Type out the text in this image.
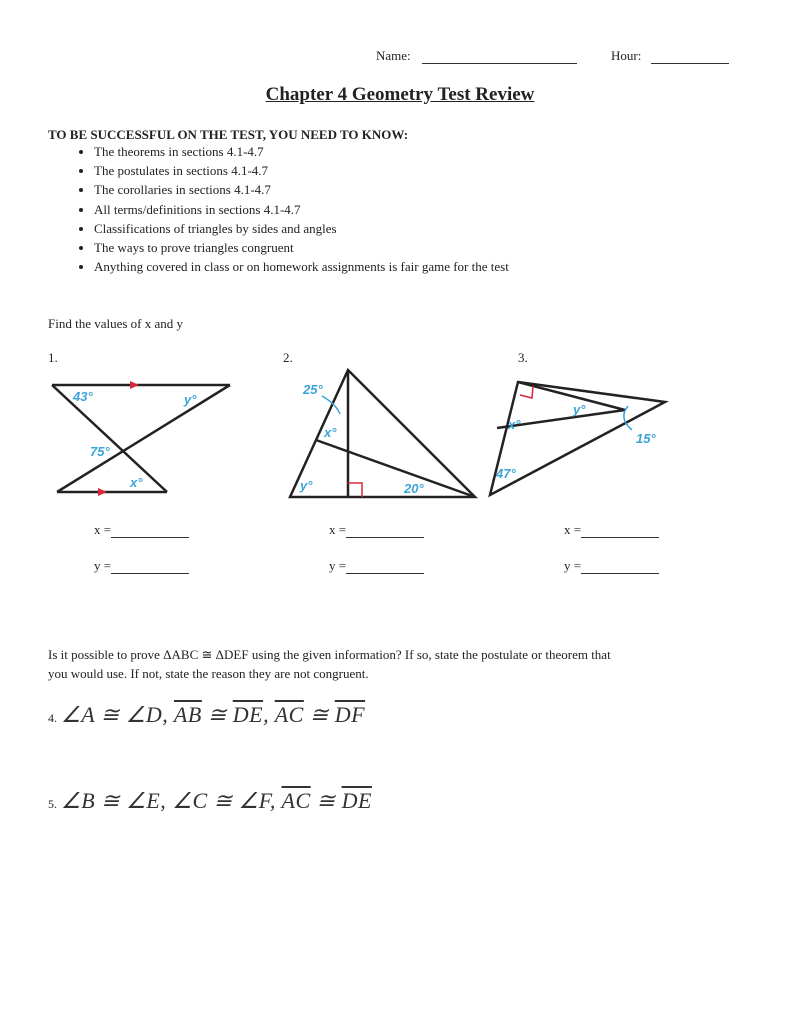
Name:	Hour:
Chapter 4 Geometry Test Review
TO BE SUCCESSFUL ON THE TEST, YOU NEED TO KNOW:
• The theorems in sections 4.1-4.7
• The postulates in sections 4.1-4.7
• The corollaries in sections 4.1-4.7
• All terms/definitions in sections 4.1-4.7
• Classifications of triangles by sides and angles
• The ways to prove triangles congruent
• Anything covered in class or on homework assignments is fair game for the test
Find the values of x and y
1.	2.	3.
43°	y°
75°
x°
25°
x°
y°	20°
y°
x°
15°
47°
x =
y =
x =
y =
x =
y =
Is it possible to prove ΔABC ≅ ΔDEF using the given information? If so, state the postulate or theorem that
you would use. If not, state the reason they are not congruent.
4. ∠A ≅ ∠D, $\overline{AB}$ ≅ $\overline{DE}$, $\overline{AC}$ ≅ $\overline{DF}$
5. ∠B ≅ ∠E, ∠C ≅ ∠F, $\overline{AC}$ ≅ $\overline{DE}$
